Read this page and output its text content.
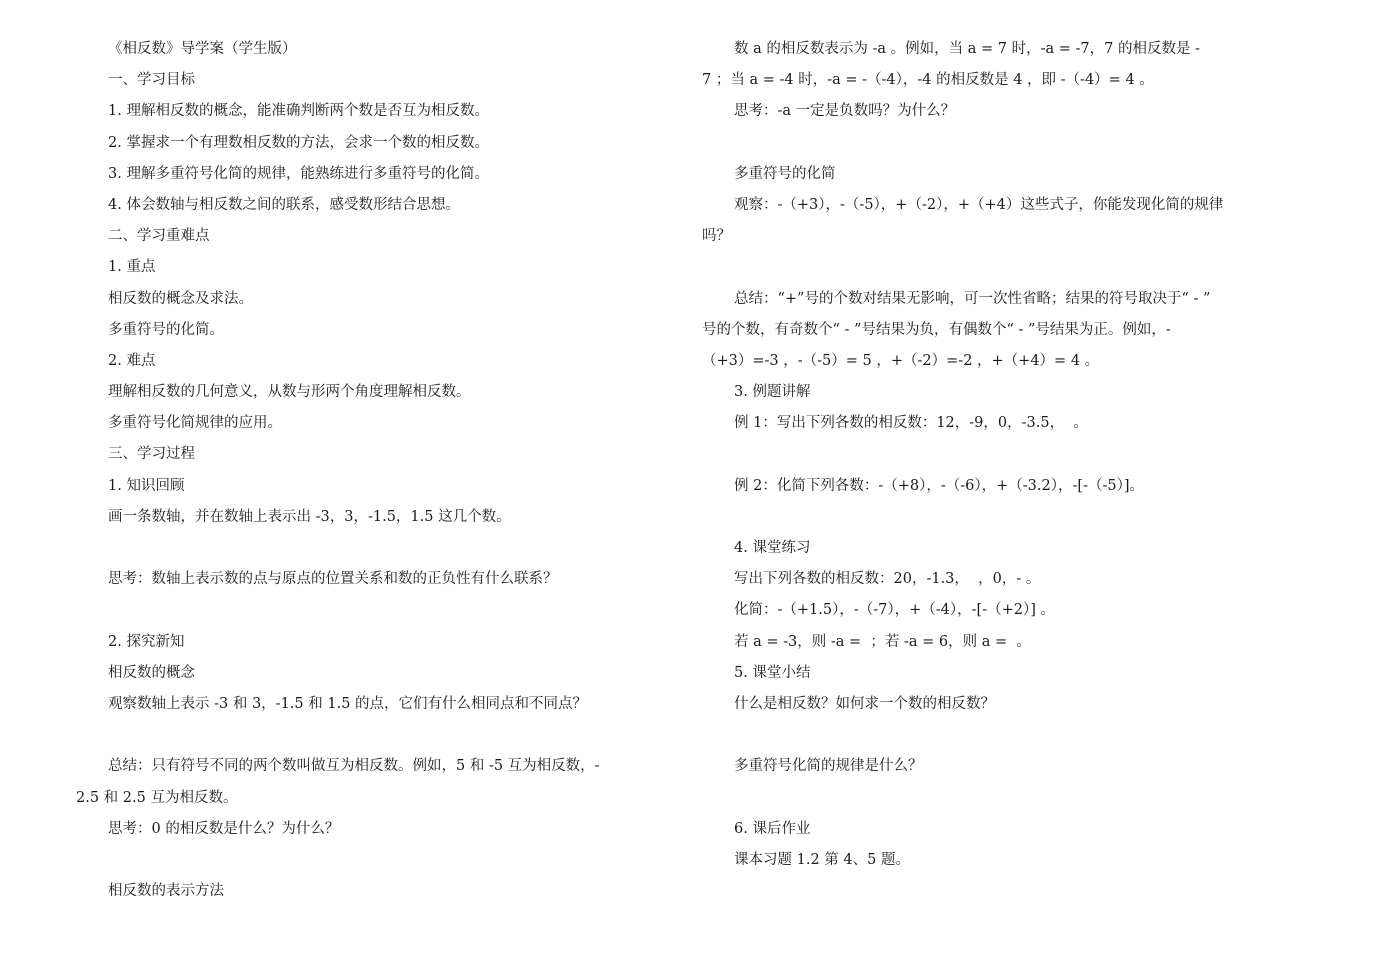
《相反数》导学案（学生版）
一、学习目标
1. 理解相反数的概念，能准确判断两个数是否互为相反数。
2. 掌握求一个有理数相反数的方法，会求一个数的相反数。
3. 理解多重符号化简的规律，能熟练进行多重符号的化简。
4. 体会数轴与相反数之间的联系，感受数形结合思想。
二、学习重难点
1. 重点
相反数的概念及求法。
多重符号的化简。
2. 难点
理解相反数的几何意义，从数与形两个角度理解相反数。
多重符号化简规律的应用。
三、学习过程
1. 知识回顾
画一条数轴，并在数轴上表示出 -3，3，-1.5，1.5 这几个数。
思考：数轴上表示数的点与原点的位置关系和数的正负性有什么联系？
2. 探究新知
相反数的概念
观察数轴上表示 -3 和 3，-1.5 和 1.5 的点，它们有什么相同点和不同点？
总结：只有符号不同的两个数叫做互为相反数。例如，5 和 -5 互为相反数，-
2.5 和 2.5 互为相反数。
思考：0 的相反数是什么？为什么？
相反数的表示方法
数 a 的相反数表示为 -a 。例如，当 a = 7 时，-a = -7，7 的相反数是 -
7 ；当 a = -4 时，-a = -（-4），-4 的相反数是 4 ，即 -（-4）= 4 。
思考：-a 一定是负数吗？为什么？
多重符号的化简
观察：-（+3），-（-5），+（-2），+（+4）这些式子，你能发现化简的规律
吗？
总结：“+”号的个数对结果无影响，可一次性省略；结果的符号取决于“ - ”
号的个数，有奇数个“ - ”号结果为负，有偶数个“ - ”号结果为正。例如，-
（+3）=-3 ，-（-5）= 5 ，+（-2）=-2 ，+（+4）= 4 。
3. 例题讲解
例 1：写出下列各数的相反数：12，-9，0，-3.5，  。
例 2：化简下列各数：-（+8），-（-6），+（-3.2），-[-（-5）]。
4. 课堂练习
写出下列各数的相反数：20，-1.3，  ，0，- 。
化简：-（+1.5），-（-7），+（-4），-[-（+2）] 。
若 a = -3，则 -a =  ；若 -a = 6，则 a =  。
5. 课堂小结
什么是相反数？如何求一个数的相反数？
多重符号化简的规律是什么？
6. 课后作业
课本习题 1.2 第 4、5 题。
